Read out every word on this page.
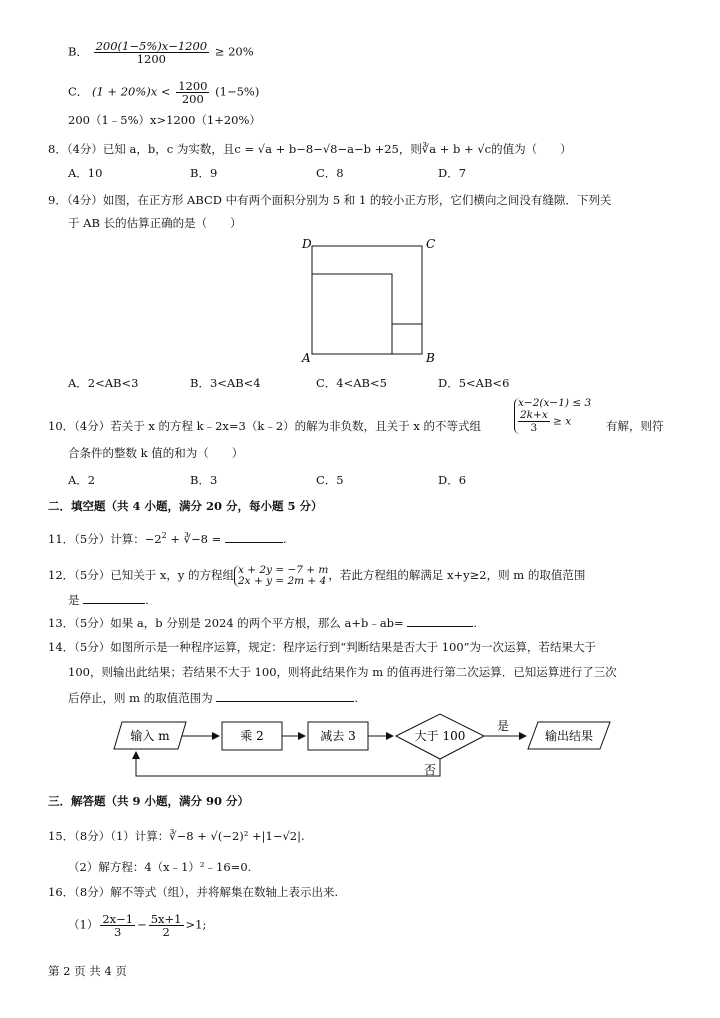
B． $\frac{200(1-5\%)x-1200}{1200} \ge 20\%$
C． $(1 + 20\%)x < \frac{1200}{200} (1-5\%)$
200（1﹣5%）x>1200（1+20%）
8．（4分）已知 a，b，c 为实数，且c = √a + b−8−√8−a−b +25，则∛a + b + √c的值为（　　）
A．10	B．9	C．8	D．7
9．（4分）如图，在正方形 ABCD 中有两个面积分别为 5 和 1 的较小正方形，它们横向之间没有缝隙．下列关
于 AB 长的估算正确的是（　　）
D	C
A	B
A．2<AB<3	B．3<AB<4	C．4<AB<5	D．5<AB<6
10．（4分）若关于 x 的方程 k﹣2x=3（k﹣2）的解为非负数，且关于 x 的不等式组
x−2(x−1) ≤ 3
$\frac{2k+x}{3} \ge x$	有解，则符
合条件的整数 k 值的和为（　　）
A．2	B．3	C．5	D．6
二．填空题（共 4 小题，满分 20 分，每小题 5 分）
11．（5分）计算：$-2^2$ + ∛−8 =	.
12．（5分）已知关于 x，y 的方程组 x + 2y = −7 + m
2x + y = 2m + 4 ，若此方程组的解满足 x+y≥2，则 m 的取值范围
是	.
13．（5分）如果 a，b 分别是 2024 的两个平方根，那么 a+b﹣ab=	.
14．（5分）如图所示是一种程序运算，规定：程序运行到“判断结果是否大于 100”为一次运算，若结果大于
100，则输出此结果；若结果不大于 100，则将此结果作为 m 的值再进行第二次运算．已知运算进行了三次
后停止，则 m 的取值范围为	.
输入 m	乘 2	减去 3	大于 100
是
输出结果
否
三．解答题（共 9 小题，满分 90 分）
15．（8分）（1）计算：∛−8 + √(−2)² +|1−√2|.
（2）解方程：4（x﹣1）²﹣16=0.
16．（8分）解不等式（组），并将解集在数轴上表示出来.
$(1) \frac{2x-1}{3} - \frac{5x+1}{2} >1$;
第 2 页 共 4 页
